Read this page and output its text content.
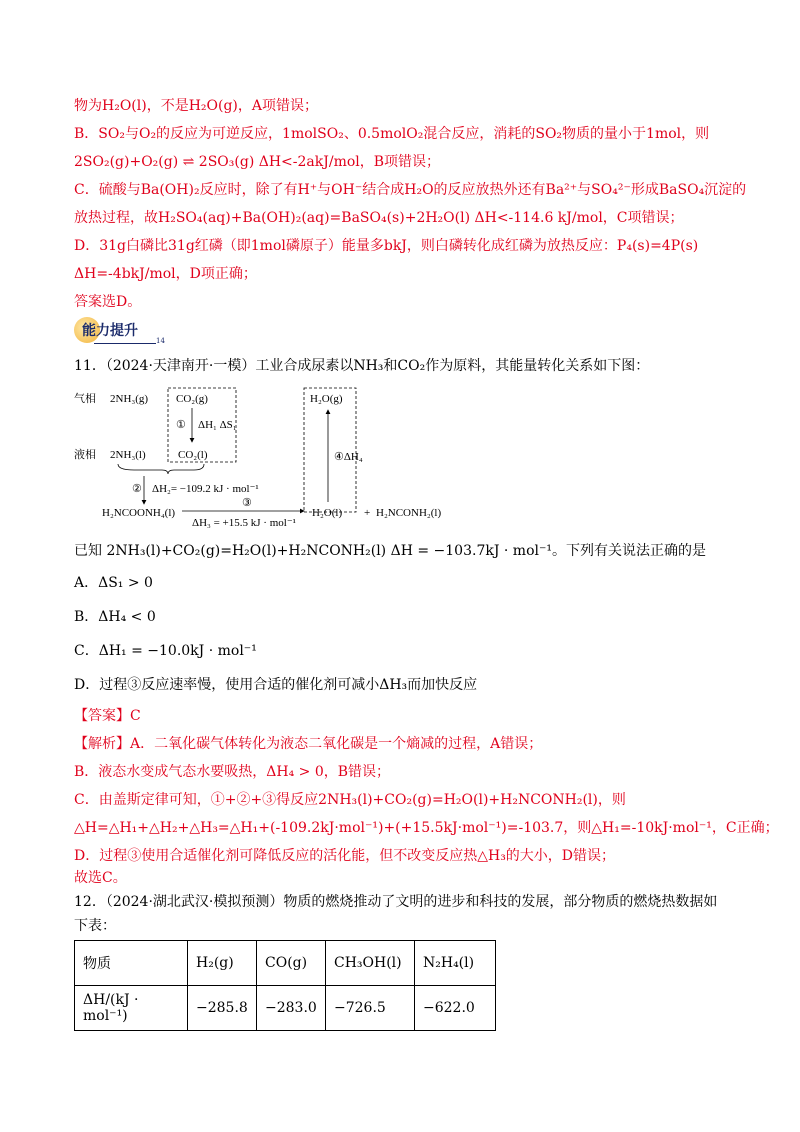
物为H₂O(l)，不是H₂O(g)，A项错误；
B．SO₂与O₂的反应为可逆反应，1molSO₂、0.5molO₂混合反应，消耗的SO₂物质的量小于1mol，则
2SO₂(g)+O₂(g) ⇌ 2SO₃(g) ΔH<-2akJ/mol，B项错误；
C．硫酸与Ba(OH)₂反应时，除了有H⁺与OH⁻结合成H₂O的反应放热外还有Ba²⁺与SO₄²⁻形成BaSO₄沉淀的
放热过程，故H₂SO₄(aq)+Ba(OH)₂(aq)=BaSO₄(s)+2H₂O(l) ΔH<-114.6 kJ/mol，C项错误；
D．31g白磷比31g红磷（即1mol磷原子）能量多bkJ，则白磷转化成红磷为放热反应：P₄(s)=4P(s)
ΔH=-4bkJ/mol，D项正确；
答案选D。
能力提升
14
11．（2024·天津南开·一模）工业合成尿素以NH₃和CO₂作为原料，其能量转化关系如下图：
气相 2NH₃(g)	CO₂(g)
① ΔH₁ ΔS₁
液相 2NH₃(l)	CO₂(l)
② ΔH₂= −109.2 kJ · mol⁻¹
H₂NCOONH₄(l)
③
ΔH₃ = +15.5 kJ · mol⁻¹
H₂O(g)
④ΔH₄
H₂O(l) + H₂NCONH₂(l)
已知 2NH₃(l)+CO₂(g)=H₂O(l)+H₂NCONH₂(l) ΔH = −103.7kJ · mol⁻¹。下列有关说法正确的是
A．ΔS₁ > 0
B．ΔH₄ < 0
C．ΔH₁ = −10.0kJ · mol⁻¹
D．过程③反应速率慢，使用合适的催化剂可减小ΔH₃而加快反应
【答案】C
【解析】A．二氧化碳气体转化为液态二氧化碳是一个熵减的过程，A错误；
B．液态水变成气态水要吸热，ΔH₄ > 0，B错误；
C．由盖斯定律可知，①+②+③得反应2NH₃(l)+CO₂(g)=H₂O(l)+H₂NCONH₂(l)，则
△H=△H₁+△H₂+△H₃=△H₁+(-109.2kJ·mol⁻¹)+(+15.5kJ·mol⁻¹)=-103.7，则△H₁=-10kJ·mol⁻¹，C正确；
D．过程③使用合适催化剂可降低反应的活化能，但不改变反应热△H₃的大小，D错误；
故选C。
12．（2024·湖北武汉·模拟预测）物质的燃烧推动了文明的进步和科技的发展，部分物质的燃烧热数据如
下表：
物质	H₂(g)	CO(g)	CH₃OH(l)	N₂H₄(l)
ΔH/(kJ · mol⁻¹)	−285.8	−283.0	−726.5	−622.0
